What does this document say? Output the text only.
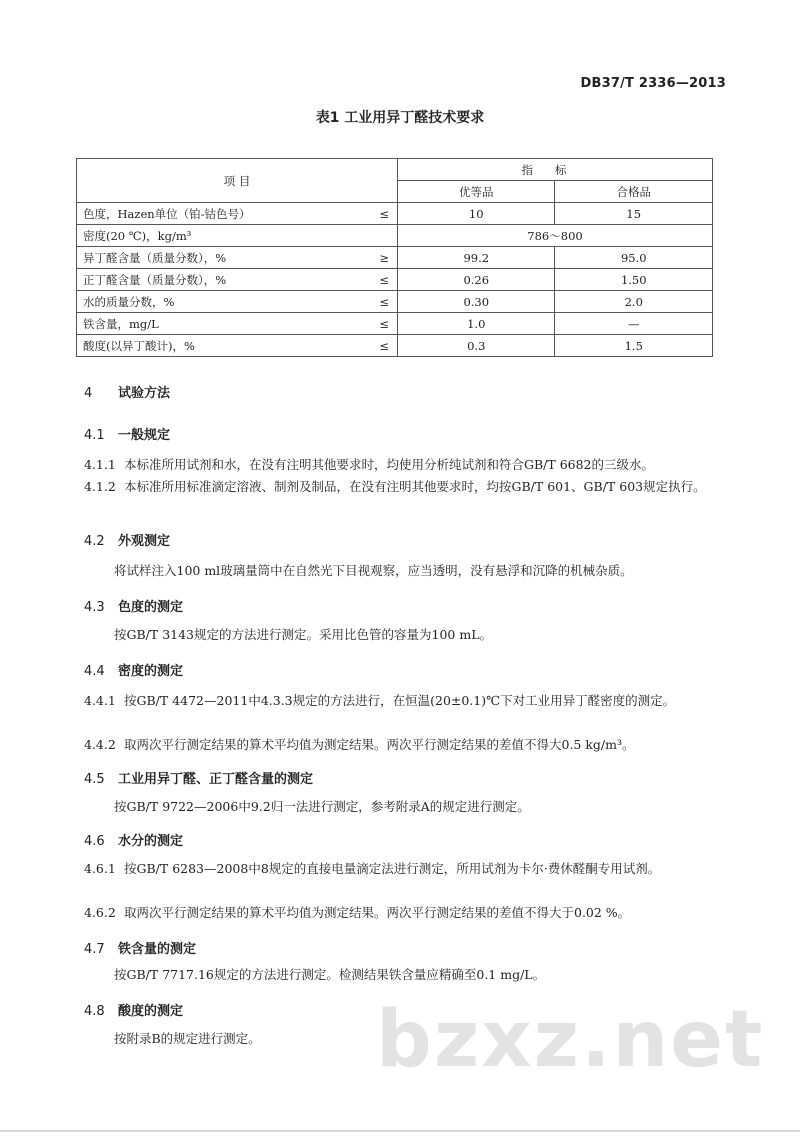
DB37/T 2336—2013
表1 工业用异丁醛技术要求
项 目		指标	
		优等品	合格品
色度，Hazen单位（铂-钴色号）	≤	10	15
密度(20 ℃)，kg/m³		786～800	
异丁醛含量（质量分数），%	≥	99.2	95.0
正丁醛含量（质量分数），%	≤	0.26	1.50
水的质量分数，%	≤	0.30	2.0
铁含量，mg/L	≤	1.0	—
酸度(以异丁酸计)，%	≤	0.3	1.5
4 试验方法
4.1 一般规定
4.1.1 本标准所用试剂和水，在没有注明其他要求时，均使用分析纯试剂和符合GB/T 6682的三级水。
4.1.2 本标准所用标准滴定溶液、制剂及制品，在没有注明其他要求时，均按GB/T 601、GB/T 603规定执行。
4.2 外观测定
将试样注入100 ml玻璃量筒中在自然光下目视观察，应当透明，没有悬浮和沉降的机械杂质。
4.3 色度的测定
按GB/T 3143规定的方法进行测定。采用比色管的容量为100 mL。
4.4 密度的测定
4.4.1 按GB/T 4472—2011中4.3.3规定的方法进行，在恒温(20±0.1)℃下对工业用异丁醛密度的测定。
4.4.2 取两次平行测定结果的算术平均值为测定结果。两次平行测定结果的差值不得大0.5 kg/m³。
4.5 工业用异丁醛、正丁醛含量的测定
按GB/T 9722—2006中9.2归一法进行测定，参考附录A的规定进行测定。
4.6 水分的测定
4.6.1 按GB/T 6283—2008中8规定的直接电量滴定法进行测定，所用试剂为卡尔·费休醛酮专用试剂。
4.6.2 取两次平行测定结果的算术平均值为测定结果。两次平行测定结果的差值不得大于0.02 %。
4.7 铁含量的测定
按GB/T 7717.16规定的方法进行测定。检测结果铁含量应精确至0.1 mg/L。
4.8 酸度的测定
按附录B的规定进行测定。	bzxz.net
